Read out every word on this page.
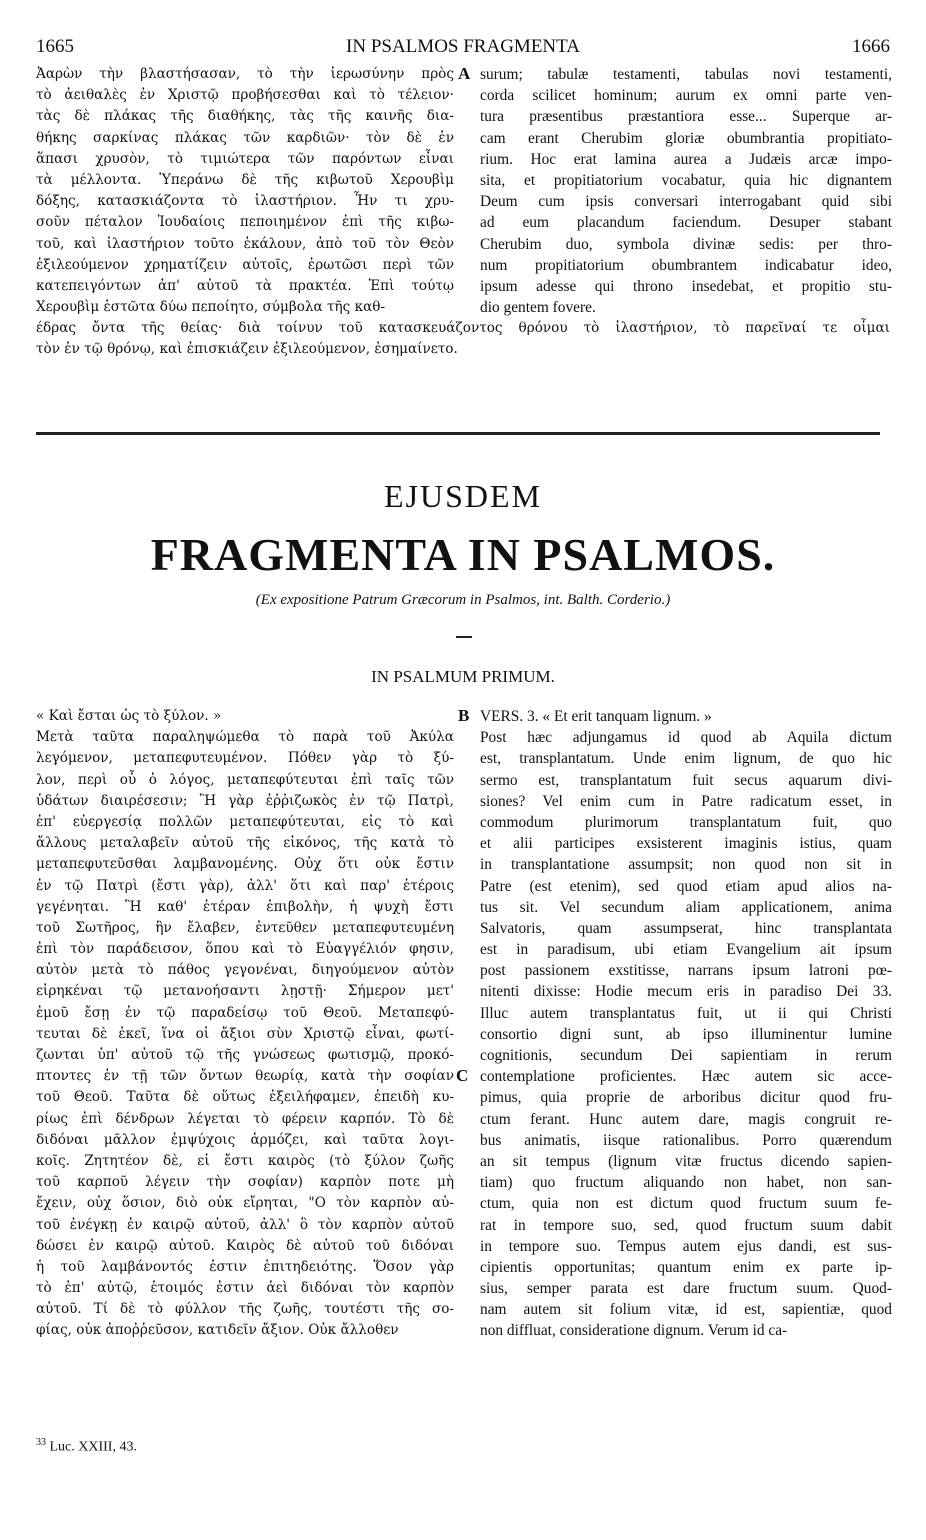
1665	IN PSALMOS FRAGMENTA	1666
Ἀαρὼν τὴν βλαστήσασαν, τὸ τὴν ἱερωσύνην πρὸς
τὸ ἀειθαλὲς ἐν Χριστῷ προβήσεσθαι καὶ τὸ τέλειον·
τὰς δὲ πλάκας τῆς διαθήκης, τὰς τῆς καινῆς δια-
θήκης σαρκίνας πλάκας τῶν καρδιῶν· τὸν δὲ ἐν
ἅπασι χρυσὸν, τὸ τιμιώτερα τῶν παρόντων εἶναι
τὰ μέλλοντα. Ὑπεράνω δὲ τῆς κιβωτοῦ Χερουβὶμ
δόξης, κατασκιάζοντα τὸ ἱλαστήριον. Ἦν τι χρυ-
σοῦν πέταλον Ἰουδαίοις πεποιημένον ἐπὶ τῆς κιβω-
τοῦ, καὶ ἱλαστήριον τοῦτο ἐκάλουν, ἀπὸ τοῦ τὸν Θεὸν
ἐξιλεούμενον χρηματίζειν αὐτοῖς, ἐρωτῶσι περὶ τῶν
κατεπειγόντων ἀπ' αὐτοῦ τὰ πρακτέα. Ἐπὶ τούτῳ
Χερουβὶμ ἑστῶτα δύω πεποίητο, σύμβολα τῆς καθ-
A surum; tabulæ testamenti, tabulas novi testamenti,
corda scilicet hominum; aurum ex omni parte ven-
tura præsentibus præstantiora esse... Superque ar-
cam erant Cherubim gloriæ obumbrantia propitiato-
rium. Hoc erat lamina aurea a Judæis arcæ impo-
sita, et propitiatorium vocabatur, quia hic dignantem
Deum cum ipsis conversari interrogabant quid sibi
ad eum placandum faciendum. Desuper stabant
Cherubim duo, symbola divinæ sedis: per thro-
num propitiatorium obumbrantem indicabatur ideo,
ipsum adesse qui throno insedebat, et propitio stu-
dio gentem fovere.
έδρας ὄντα τῆς θείας· διὰ τοίνυν τοῦ κατασκευάζοντος θρόνου τὸ ἱλαστήριον, τὸ παρεῖναί τε οἷμαι
τὸν ἐν τῷ θρόνῳ, καὶ ἐπισκιάζειν ἐξιλεούμενον, ἐσημαίνετο.
EJUSDEM
FRAGMENTA IN PSALMOS.
(Ex expositione Patrum Græcorum in Psalmos, int. Balth. Corderio.)
IN PSALMUM PRIMUM.
« Καὶ ἔσται ὡς τὸ ξύλον. »
Μετὰ ταῦτα παραληψώμεθα τὸ παρὰ τοῦ Ἀκύλα
λεγόμενον, μεταπεφυτευμένον. Πόθεν γὰρ τὸ ξύ-
λον, περὶ οὗ ὁ λόγος, μεταπεφύτευται ἐπὶ ταῖς τῶν
ὑδάτων διαιρέσεσιν; Ἢ γὰρ ἐῤῥιζωκὸς ἐν τῷ Πατρὶ,
ἐπ' εὐεργεσίᾳ πολλῶν μεταπεφύτευται, εἰς τὸ καὶ
ἄλλους μεταλαβεῖν αὐτοῦ τῆς εἰκόνος, τῆς κατὰ τὸ
μεταπεφυτεῦσθαι λαμβανομένης. Οὐχ ὅτι οὐκ ἔστιν
ἐν τῷ Πατρὶ (ἔστι γὰρ), ἀλλ' ὅτι καὶ παρ' ἑτέροις
γεγένηται. Ἢ καθ' ἑτέραν ἐπιβολὴν, ἡ ψυχὴ ἔστι
τοῦ Σωτῆρος, ἣν ἔλαβεν, ἐντεῦθεν μεταπεφυτευμένη
ἐπὶ τὸν παράδεισον, ὅπου καὶ τὸ Εὐαγγέλιόν φησιν,
αὐτὸν μετὰ τὸ πάθος γεγονέναι, διηγούμενον αὐτὸν
εἰρηκέναι τῷ μετανοήσαντι λῃστῇ· Σήμερον μετ'
ἐμοῦ ἔσῃ ἐν τῷ παραδείσῳ τοῦ Θεοῦ. Μεταπεφύ-
τευται δὲ ἐκεῖ, ἵνα οἱ ἄξιοι σὺν Χριστῷ εἶναι, φωτί-
ζωνται ὑπ' αὐτοῦ τῷ τῆς γνώσεως φωτισμῷ, προκό-
πτοντες ἐν τῇ τῶν ὄντων θεωρίᾳ, κατὰ τὴν σοφίαν
τοῦ Θεοῦ. Ταῦτα δὲ οὕτως ἐξειλήφαμεν, ἐπειδὴ κυ-
ρίως ἐπὶ δένδρων λέγεται τὸ φέρειν καρπόν. Τὸ δὲ
διδόναι μᾶλλον ἐμψύχοις ἁρμόζει, καὶ ταῦτα λογι-
κοῖς. Ζητητέον δὲ, εἰ ἔστι καιρὸς (τὸ ξύλον ζωῆς
τοῦ καρποῦ λέγειν τὴν σοφίαν) καρπὸν ποτε μὴ
ἔχειν, οὐχ ὅσιον, διὸ οὐκ εἴρηται, "Ο τὸν καρπὸν αὐ-
τοῦ ἐνέγκῃ ἐν καιρῷ αὐτοῦ, ἀλλ' ὃ τὸν καρπὸν αὐτοῦ
δώσει ἐν καιρῷ αὐτοῦ. Καιρὸς δὲ αὐτοῦ τοῦ διδόναι
ἡ τοῦ λαμβάνοντός ἐστιν ἐπιτηδειότης. Ὅσον γὰρ
τὸ ἐπ' αὐτῷ, ἑτοιμός ἐστιν ἀεὶ διδόναι τὸν καρπὸν
αὐτοῦ. Τί δὲ τὸ φύλλον τῆς ζωῆς, τουτέστι τῆς σο-
φίας, οὐκ ἀποῤῥεῦσον, κατιδεῖν ἄξιον. Οὐκ ἄλλοθεν
B
C
VERS. 3. « Et erit tanquam lignum. »
Post hæc adjungamus id quod ab Aquila dictum
est, transplantatum. Unde enim lignum, de quo hic
sermo est, transplantatum fuit secus aquarum divi-
siones? Vel enim cum in Patre radicatum esset, in
commodum plurimorum transplantatum fuit, quo
et alii participes exsisterent imaginis istius, quam
in transplantatione assumpsit; non quod non sit in
Patre (est etenim), sed quod etiam apud alios na-
tus sit. Vel secundum aliam applicationem, anima
Salvatoris, quam assumpserat, hinc transplantata
est in paradisum, ubi etiam Evangelium ait ipsum
post passionem exstitisse, narrans ipsum latroni pœ-
nitenti dixisse: Hodie mecum eris in paradiso Dei 33.
Illuc autem transplantatus fuit, ut ii qui Christi
consortio digni sunt, ab ipso illuminentur lumine
cognitionis, secundum Dei sapientiam in rerum
contemplatione proficientes. Hæc autem sic acce-
pimus, quia proprie de arboribus dicitur quod fru-
ctum ferant. Hunc autem dare, magis congruit re-
bus animatis, iisque rationalibus. Porro quærendum
an sit tempus (lignum vitæ fructus dicendo sapien-
tiam) quo fructum aliquando non habet, non san-
ctum, quia non est dictum quod fructum suum fe-
rat in tempore suo, sed, quod fructum suum dabit
in tempore suo. Tempus autem ejus dandi, est sus-
cipientis opportunitas; quantum enim ex parte ip-
sius, semper parata est dare fructum suum. Quod-
nam autem sit folium vitæ, id est, sapientiæ, quod
non diffluat, consideratione dignum. Verum id ca-
$^{33}$ Luc. XXIII, 43.
